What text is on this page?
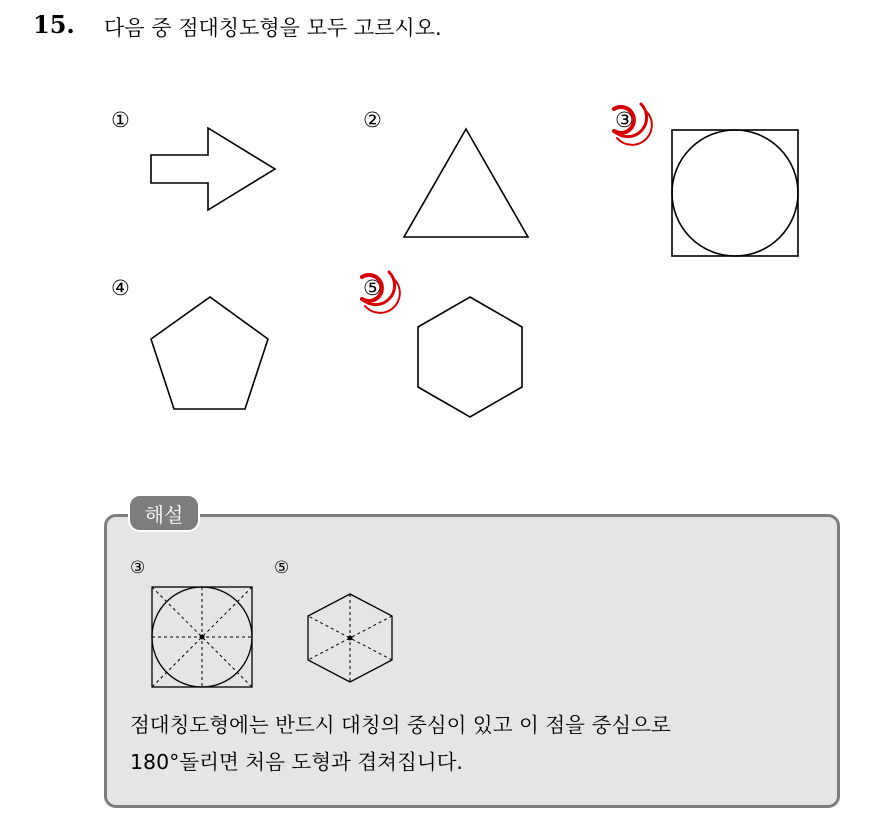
15. 다음 중 점대칭도형을 모두 고르시오.
①	②	③
④	⑤
해설
③	⑤
점대칭도형에는 반드시 대칭의 중심이 있고 이 점을 중심으로
180°돌리면 처음 도형과 겹쳐집니다.
